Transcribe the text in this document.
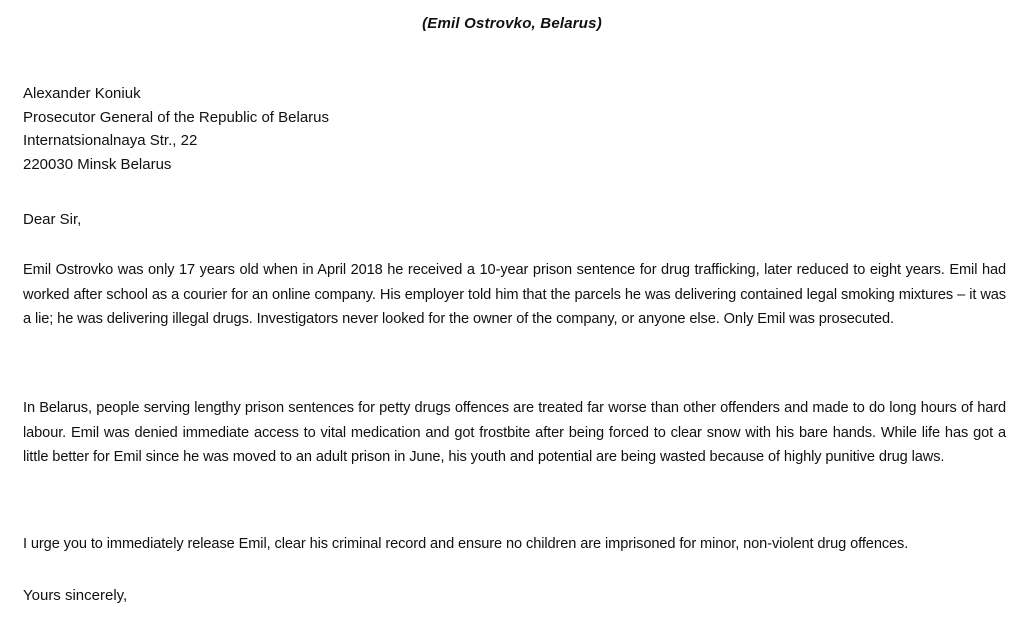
(Emil Ostrovko, Belarus)
Alexander Koniuk
Prosecutor General of the Republic of Belarus
Internatsionalnaya Str., 22
220030 Minsk Belarus
Dear Sir,
Emil Ostrovko was only 17 years old when in April 2018 he received a 10-year prison sentence for drug trafficking, later reduced to eight years. Emil had worked after school as a courier for an online company. His employer told him that the parcels he was delivering contained legal smoking mixtures – it was a lie; he was delivering illegal drugs. Investigators never looked for the owner of the company, or anyone else. Only Emil was prosecuted.
In Belarus, people serving lengthy prison sentences for petty drugs offences are treated far worse than other offenders and made to do long hours of hard labour. Emil was denied immediate access to vital medication and got frostbite after being forced to clear snow with his bare hands. While life has got a little better for Emil since he was moved to an adult prison in June, his youth and potential are being wasted because of highly punitive drug laws.
I urge you to immediately release Emil, clear his criminal record and ensure no children are imprisoned for minor, non-violent drug offences.
Yours sincerely,
